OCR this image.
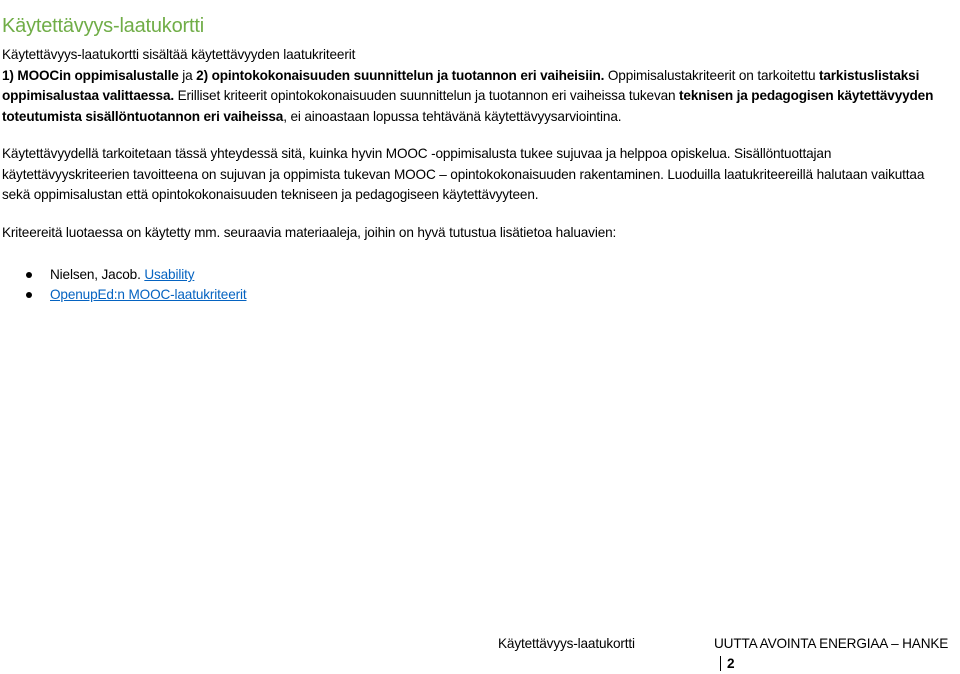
Käytettävyys-laatukortti

Käytettävyys-laatukortti sisältää käytettävyyden laatukriteerit
1) MOOCin oppimisalustalle ja 2) opintokokonaisuuden suunnittelun ja tuotannon eri vaiheisiin. Oppimisalustakriteerit on tarkoitettu tarkistuslistaksi oppimisalustaa valittaessa. Erilliset kriteerit opintokokonaisuuden suunnittelun ja tuotannon eri vaiheissa tukevan teknisen ja pedagogisen käytettävyyden toteutumista sisällöntuotannon eri vaiheissa, ei ainoastaan lopussa tehtävänä käytettävyysarviointina.

Käytettävyydellä tarkoitetaan tässä yhteydessä sitä, kuinka hyvin MOOC -oppimisalusta tukee sujuvaa ja helppoa opiskelua. Sisällöntuottajan käytettävyyskriteerien tavoitteena on sujuvan ja oppimista tukevan MOOC – opintokokonaisuuden rakentaminen. Luoduilla laatukriteereillä halutaan vaikuttaa sekä oppimisalustan että opintokokonaisuuden tekniseen ja pedagogiseen käytettävyyteen.

Kriteereitä luotaessa on käytetty mm. seuraavia materiaaleja, joihin on hyvä tutustua lisätietoa haluavien:

Nielsen, Jacob. Usability
OpenupEd:n MOOC-laatukriteerit
Käytettävyys-laatukortti	UUTTA AVOINTA ENERGIAA – HANKE2
